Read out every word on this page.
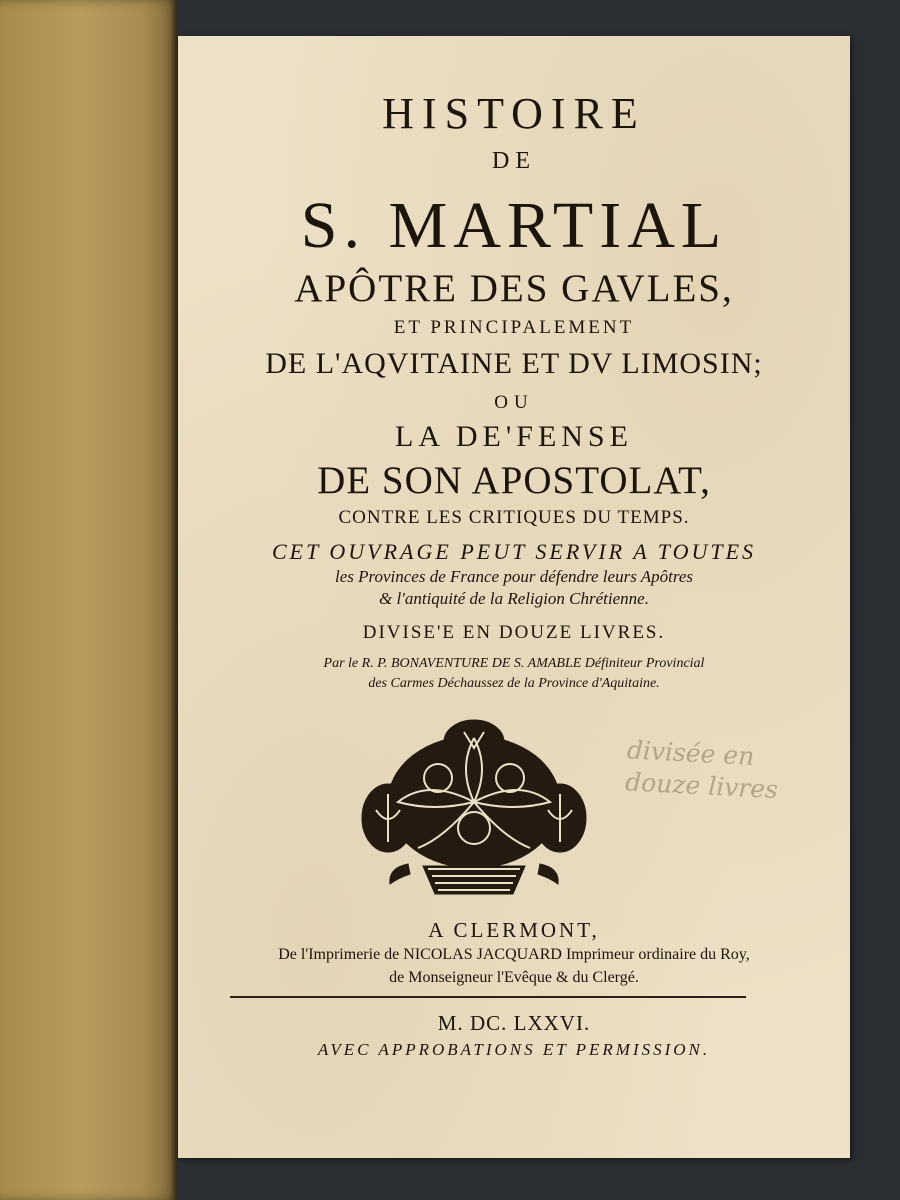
HISTOIRE
DE
S. MARTIAL
APÔTRE DES GAVLES,
ET PRINCIPALEMENT
DE L'AQVITAINE ET DV LIMOSIN;
OU
LA DE'FENSE
DE SON APOSTOLAT,
CONTRE LES CRITIQUES DU TEMPS.
CET OUVRAGE PEUT SERVIR A TOUTES
les Provinces de France pour défendre leurs Apôtres
& l'antiquité de la Religion Chrétienne.
DIVISE'E EN DOUZE LIVRES.
Par le R. P. BONAVENTURE DE S. AMABLE Définiteur Provincial
des Carmes Déchaussez de la Province d'Aquitaine.
divisée en
douze livres
A CLERMONT,
De l'Imprimerie de NICOLAS JACQUARD Imprimeur ordinaire du Roy,
de Monseigneur l'Evêque & du Clergé.
M. DC. LXXVI.
AVEC APPROBATIONS ET PERMISSION.
